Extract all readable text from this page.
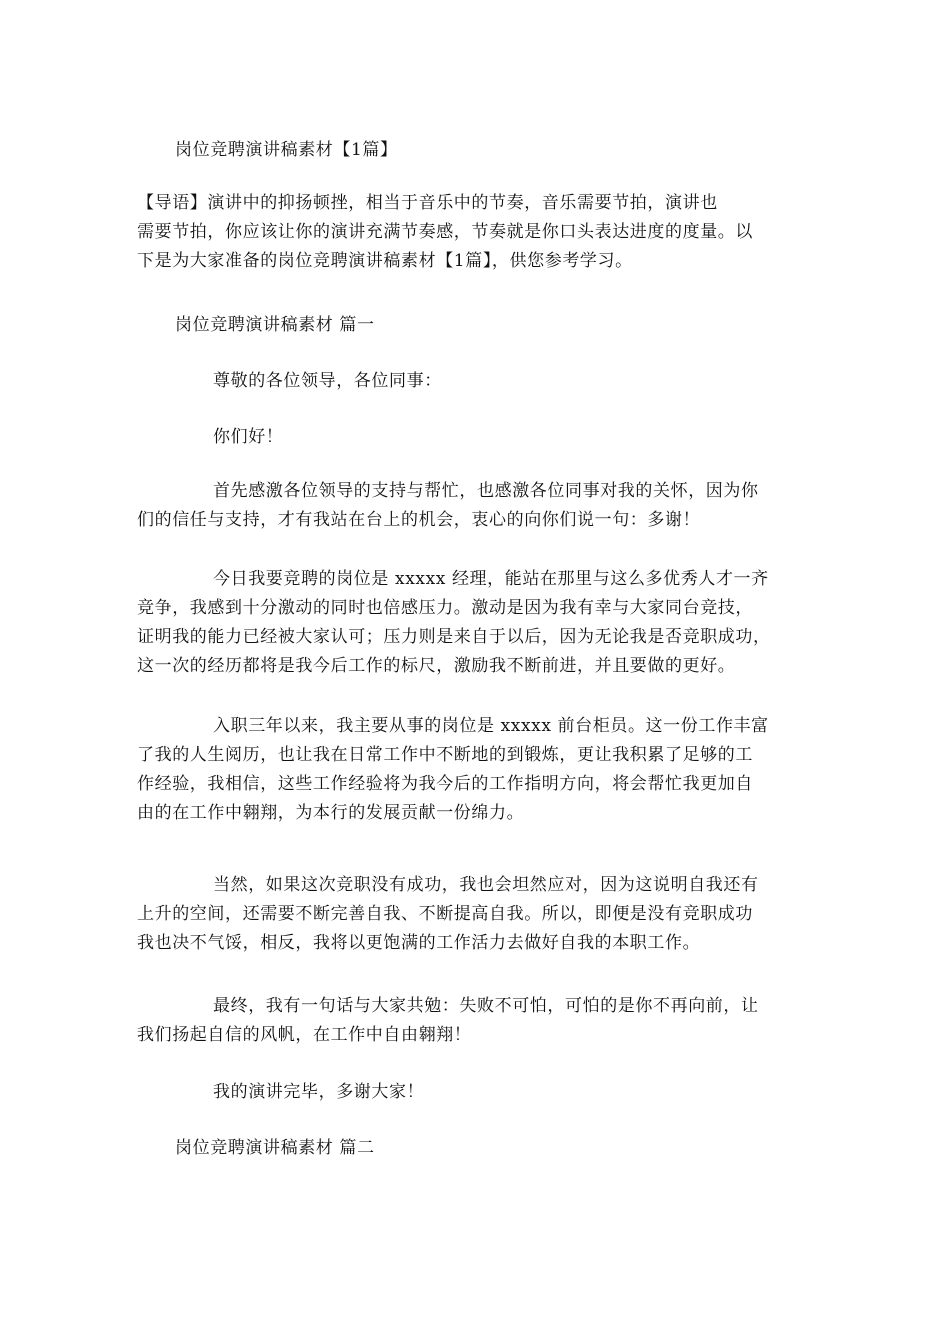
岗位竞聘演讲稿素材【1篇】

【导语】演讲中的抑扬顿挫，相当于音乐中的节奏，音乐需要节拍，演讲也

需要节拍，你应该让你的演讲充满节奏感，节奏就是你口头表达进度的度量。以

下是为大家准备的岗位竞聘演讲稿素材【1篇】，供您参考学习。

岗位竞聘演讲稿素材 篇一
尊敬的各位领导，各位同事：
你们好！

首先感激各位领导的支持与帮忙，也感激各位同事对我的关怀，因为你

们的信任与支持，才有我站在台上的机会，衷心的向你们说一句：多谢！

今日我要竞聘的岗位是 xxxxx 经理，能站在那里与这么多优秀人才一齐

竞争，我感到十分激动的同时也倍感压力。激动是因为我有幸与大家同台竞技，

证明我的能力已经被大家认可；压力则是来自于以后，因为无论我是否竞职成功，

这一次的经历都将是我今后工作的标尺，激励我不断前进，并且要做的更好。

入职三年以来，我主要从事的岗位是 xxxxx 前台柜员。这一份工作丰富

了我的人生阅历，也让我在日常工作中不断地的到锻炼，更让我积累了足够的工

作经验，我相信，这些工作经验将为我今后的工作指明方向，将会帮忙我更加自

由的在工作中翱翔，为本行的发展贡献一份绵力。

当然，如果这次竞职没有成功，我也会坦然应对，因为这说明自我还有

上升的空间，还需要不断完善自我、不断提高自我。所以，即便是没有竞职成功

我也决不气馁，相反，我将以更饱满的工作活力去做好自我的本职工作。

最终，我有一句话与大家共勉：失败不可怕，可怕的是你不再向前，让

我们扬起自信的风帆，在工作中自由翱翔！

我的演讲完毕，多谢大家！
岗位竞聘演讲稿素材 篇二
